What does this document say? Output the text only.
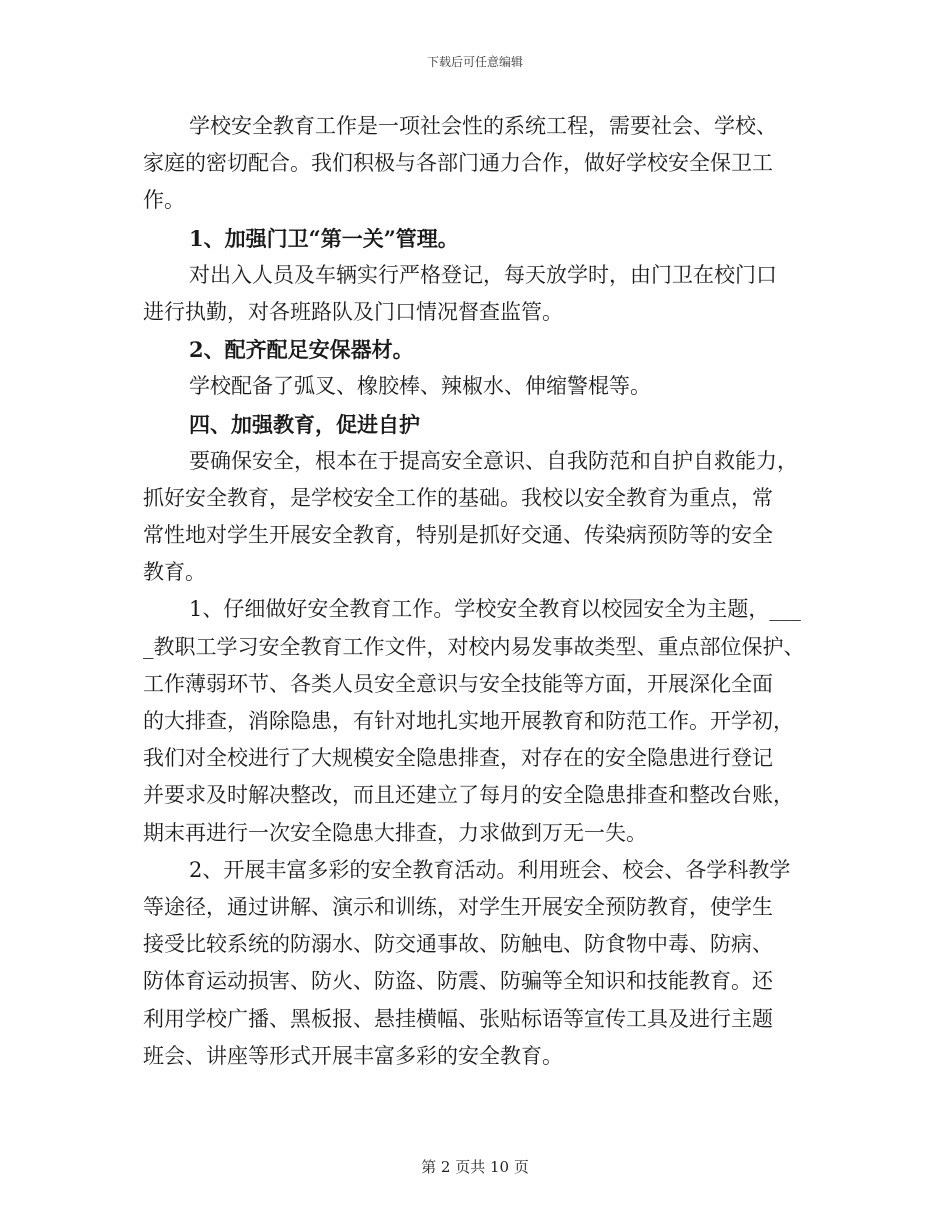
下载后可任意编辑
学校安全教育工作是一项社会性的系统工程，需要社会、学校、
家庭的密切配合。我们积极与各部门通力合作，做好学校安全保卫工
作。
1、加强门卫“第一关”管理。
对出入人员及车辆实行严格登记，每天放学时，由门卫在校门口
进行执勤，对各班路队及门口情况督查监管。
2、配齐配足安保器材。
学校配备了弧叉、橡胶棒、辣椒水、伸缩警棍等。
四、加强教育，促进自护
要确保安全，根本在于提高安全意识、自我防范和自护自救能力，
抓好安全教育，是学校安全工作的基础。我校以安全教育为重点，常
常性地对学生开展安全教育，特别是抓好交通、传染病预防等的安全
教育。
1、仔细做好安全教育工作。学校安全教育以校园安全为主题，___
_教职工学习安全教育工作文件，对校内易发事故类型、重点部位保护、
工作薄弱环节、各类人员安全意识与安全技能等方面，开展深化全面
的大排查，消除隐患，有针对地扎实地开展教育和防范工作。开学初，
我们对全校进行了大规模安全隐患排查，对存在的安全隐患进行登记
并要求及时解决整改，而且还建立了每月的安全隐患排查和整改台账，
期末再进行一次安全隐患大排查，力求做到万无一失。
2、开展丰富多彩的安全教育活动。利用班会、校会、各学科教学
等途径，通过讲解、演示和训练，对学生开展安全预防教育，使学生
接受比较系统的防溺水、防交通事故、防触电、防食物中毒、防病、
防体育运动损害、防火、防盗、防震、防骗等全知识和技能教育。还
利用学校广播、黑板报、悬挂横幅、张贴标语等宣传工具及进行主题
班会、讲座等形式开展丰富多彩的安全教育。
第 2 页共 10 页
